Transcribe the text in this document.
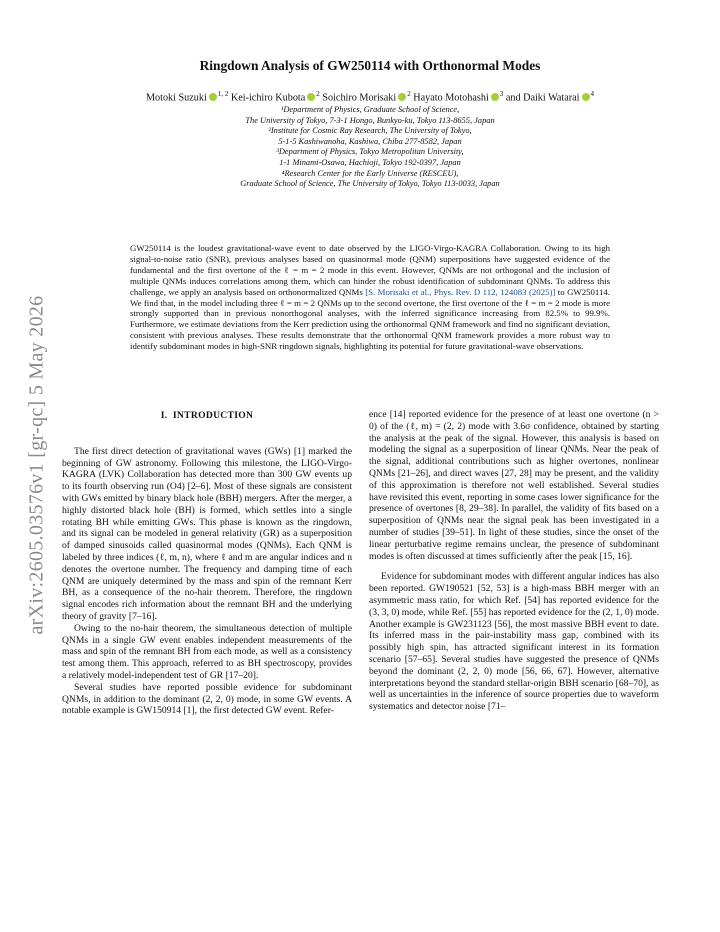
arXiv:2605.03576v1 [gr-qc] 5 May 2026
Ringdown Analysis of GW250114 with Orthonormal Modes
Motoki Suzuki $^{1, 2}$ Kei-ichiro Kubota $^2$ Soichiro Morisaki $^2$ Hayato Motohashi $^3$ and Daiki Watarai $^4$
¹Department of Physics, Graduate School of Science,
The University of Tokyo, 7-3-1 Hongo, Bunkyo-ku, Tokyo 113-8655, Japan
²Institute for Cosmic Ray Research, The University of Tokyo,
5-1-5 Kashiwanoha, Kashiwa, Chiba 277-8582, Japan
³Department of Physics, Tokyo Metropolitan University,
1-1 Minami-Osawa, Hachioji, Tokyo 192-0397, Japan
⁴Research Center for the Early Universe (RESCEU),
Graduate School of Science, The University of Tokyo, Tokyo 113-0033, Japan
GW250114 is the loudest gravitational-wave event to date observed by the LIGO-Virgo-KAGRA Collaboration. Owing to its high signal-to-noise ratio (SNR), previous analyses based on quasinormal mode (QNM) superpositions have suggested evidence of the fundamental and the first overtone of the ℓ = m = 2 mode in this event. However, QNMs are not orthogonal and the inclusion of multiple QNMs induces correlations among them, which can hinder the robust identification of subdominant QNMs. To address this challenge, we apply an analysis based on orthonormalized QNMs [S. Morisaki et al., Phys. Rev. D 112, 124083 (2025)] to GW250114. We find that, in the model including three ℓ = m = 2 QNMs up to the second overtone, the first overtone of the ℓ = m = 2 mode is more strongly supported than in previous nonorthogonal analyses, with the inferred significance increasing from 82.5% to 99.9%. Furthermore, we estimate deviations from the Kerr prediction using the orthonormal QNM framework and find no significant deviation, consistent with previous analyses. These results demonstrate that the orthonormal QNM framework provides a more robust way to identify subdominant modes in high-SNR ringdown signals, highlighting its potential for future gravitational-wave observations.
I. INTRODUCTION

The first direct detection of gravitational waves (GWs) [1] marked the beginning of GW astronomy. Following this milestone, the LIGO-Virgo-KAGRA (LVK) Collaboration has detected more than 300 GW events up to its fourth observing run (O4) [2–6]. Most of these signals are consistent with GWs emitted by binary black hole (BBH) mergers. After the merger, a highly distorted black hole (BH) is formed, which settles into a single rotating BH while emitting GWs. This phase is known as the ringdown, and its signal can be modeled in general relativity (GR) as a superposition of damped sinusoids called quasinormal modes (QNMs). Each QNM is labeled by three indices (ℓ, m, n), where ℓ and m are angular indices and n denotes the overtone number. The frequency and damping time of each QNM are uniquely determined by the mass and spin of the remnant Kerr BH, as a consequence of the no-hair theorem. Therefore, the ringdown signal encodes rich information about the remnant BH and the underlying theory of gravity [7–16].

Owing to the no-hair theorem, the simultaneous detection of multiple QNMs in a single GW event enables independent measurements of the mass and spin of the remnant BH from each mode, as well as a consistency test among them. This approach, referred to as BH spectroscopy, provides a relatively model-independent test of GR [17–20].

Several studies have reported possible evidence for subdominant QNMs, in addition to the dominant (2, 2, 0) mode, in some GW events. A notable example is GW150914 [1], the first detected GW event. Refer-

ence [14] reported evidence for the presence of at least one overtone (n > 0) of the (ℓ, m) = (2, 2) mode with 3.6σ confidence, obtained by starting the analysis at the peak of the signal. However, this analysis is based on modeling the signal as a superposition of linear QNMs. Near the peak of the signal, additional contributions such as higher overtones, nonlinear QNMs [21–26], and direct waves [27, 28] may be present, and the validity of this approximation is therefore not well established. Several studies have revisited this event, reporting in some cases lower significance for the presence of overtones [8, 29–38]. In parallel, the validity of fits based on a superposition of QNMs near the signal peak has been investigated in a number of studies [39–51]. In light of these studies, since the onset of the linear perturbative regime remains unclear, the presence of subdominant modes is often discussed at times sufficiently after the peak [15, 16].

Evidence for subdominant modes with different angular indices has also been reported. GW190521 [52, 53] is a high-mass BBH merger with an asymmetric mass ratio, for which Ref. [54] has reported evidence for the (3, 3, 0) mode, while Ref. [55] has reported evidence for the (2, 1, 0) mode. Another example is GW231123 [56], the most massive BBH event to date. Its inferred mass in the pair-instability mass gap, combined with its possibly high spin, has attracted significant interest in its formation scenario [57–65]. Several studies have suggested the presence of QNMs beyond the dominant (2, 2, 0) mode [56, 66, 67]. However, alternative interpretations beyond the standard stellar-origin BBH scenario [68–70], as well as uncertainties in the inference of source properties due to waveform systematics and detector noise [71–
